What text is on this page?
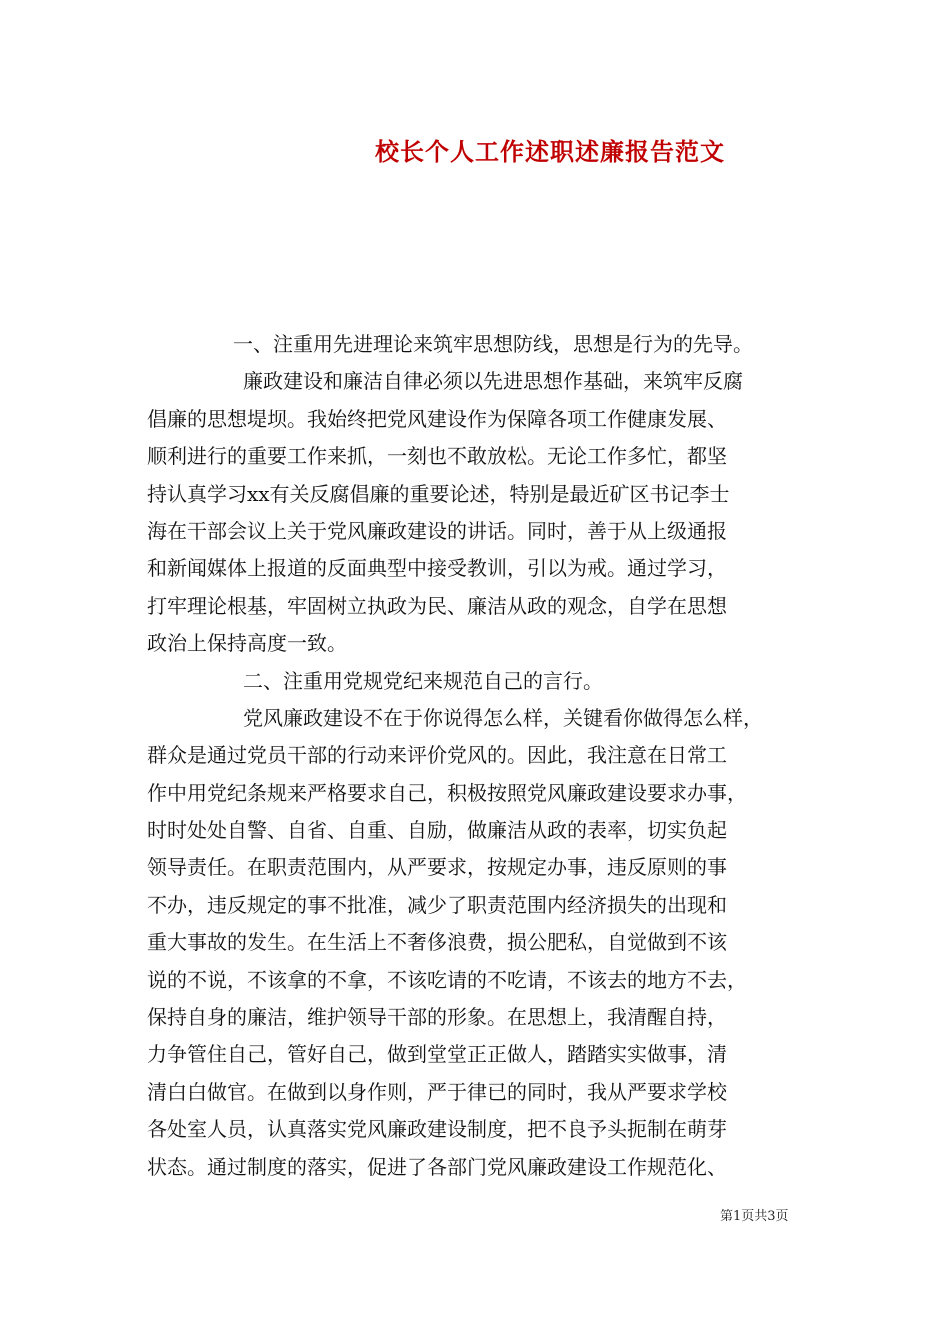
校长个人工作述职述廉报告范文
一、注重用先进理论来筑牢思想防线，思想是行为的先导。
廉政建设和廉洁自律必须以先进思想作基础，来筑牢反腐
倡廉的思想堤坝。我始终把党风建设作为保障各项工作健康发展、
顺利进行的重要工作来抓，一刻也不敢放松。无论工作多忙，都坚
持认真学习xx有关反腐倡廉的重要论述，特别是最近矿区书记李士
海在干部会议上关于党风廉政建设的讲话。同时，善于从上级通报
和新闻媒体上报道的反面典型中接受教训，引以为戒。通过学习，
打牢理论根基，牢固树立执政为民、廉洁从政的观念，自学在思想
政治上保持高度一致。
二、注重用党规党纪来规范自己的言行。
党风廉政建设不在于你说得怎么样，关键看你做得怎么样，
群众是通过党员干部的行动来评价党风的。因此，我注意在日常工
作中用党纪条规来严格要求自己，积极按照党风廉政建设要求办事，
时时处处自警、自省、自重、自励，做廉洁从政的表率，切实负起
领导责任。在职责范围内，从严要求，按规定办事，违反原则的事
不办，违反规定的事不批准，减少了职责范围内经济损失的出现和
重大事故的发生。在生活上不奢侈浪费，损公肥私，自觉做到不该
说的不说，不该拿的不拿，不该吃请的不吃请，不该去的地方不去，
保持自身的廉洁，维护领导干部的形象。在思想上，我清醒自持，
力争管住自己，管好自己，做到堂堂正正做人，踏踏实实做事，清
清白白做官。在做到以身作则，严于律已的同时，我从严要求学校
各处室人员，认真落实党风廉政建设制度，把不良予头扼制在萌芽
状态。通过制度的落实，促进了各部门党风廉政建设工作规范化、
第1页共3页
